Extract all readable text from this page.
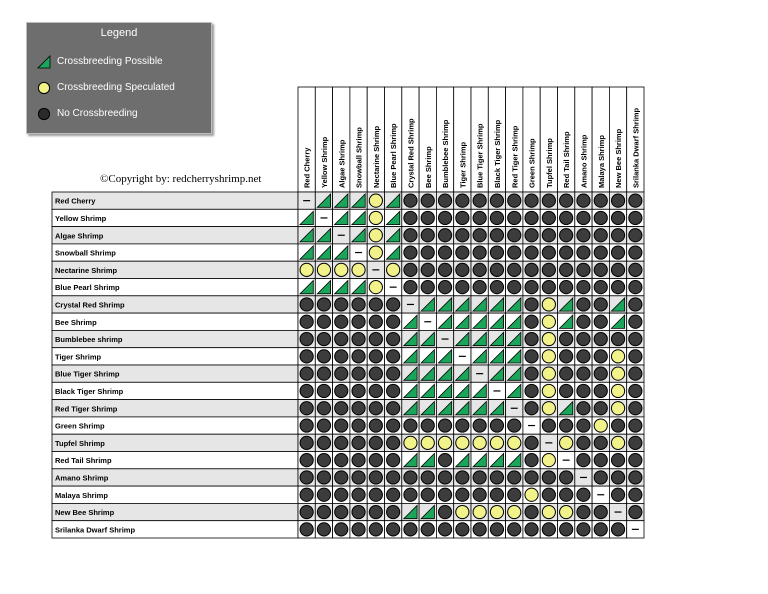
Legend
Crossbreeding Possible
Crossbreeding Speculated
No Crossbreeding
©Copyright by: redcherryshrimp.net	Red Cherry Yellow Shrimp Algae Shrimp Snowball Shrimp Nectarine Shrimp Blue Pearl Shrimp Crystal Red Shrimp Bee Shrimp Bumblebee Shrimp Tiger Shrimp Blue Tiger Shrimp Black Tiger Shrimp Red Tiger Shrimp Green Shrimp Tupfel Shrimp Red Tail Shrimp Amano Shrimp Malaya Shrimp New Bee Shrimp Srilanka Dwarf Shrimp
Red Cherry
Yellow Shrimp
Algae Shrimp
Snowball Shrimp
Nectarine Shrimp
Blue Pearl Shrimp
Crystal Red Shrimp
Bee Shrimp
Bumblebee shrimp
Tiger Shrimp
Blue Tiger Shrimp
Black Tiger Shrimp
Red Tiger Shrimp
Green Shrimp
Tupfel Shrimp
Red Tail Shrimp
Amano Shrimp
Malaya Shrimp
New Bee Shrimp
Srilanka Dwarf Shrimp
